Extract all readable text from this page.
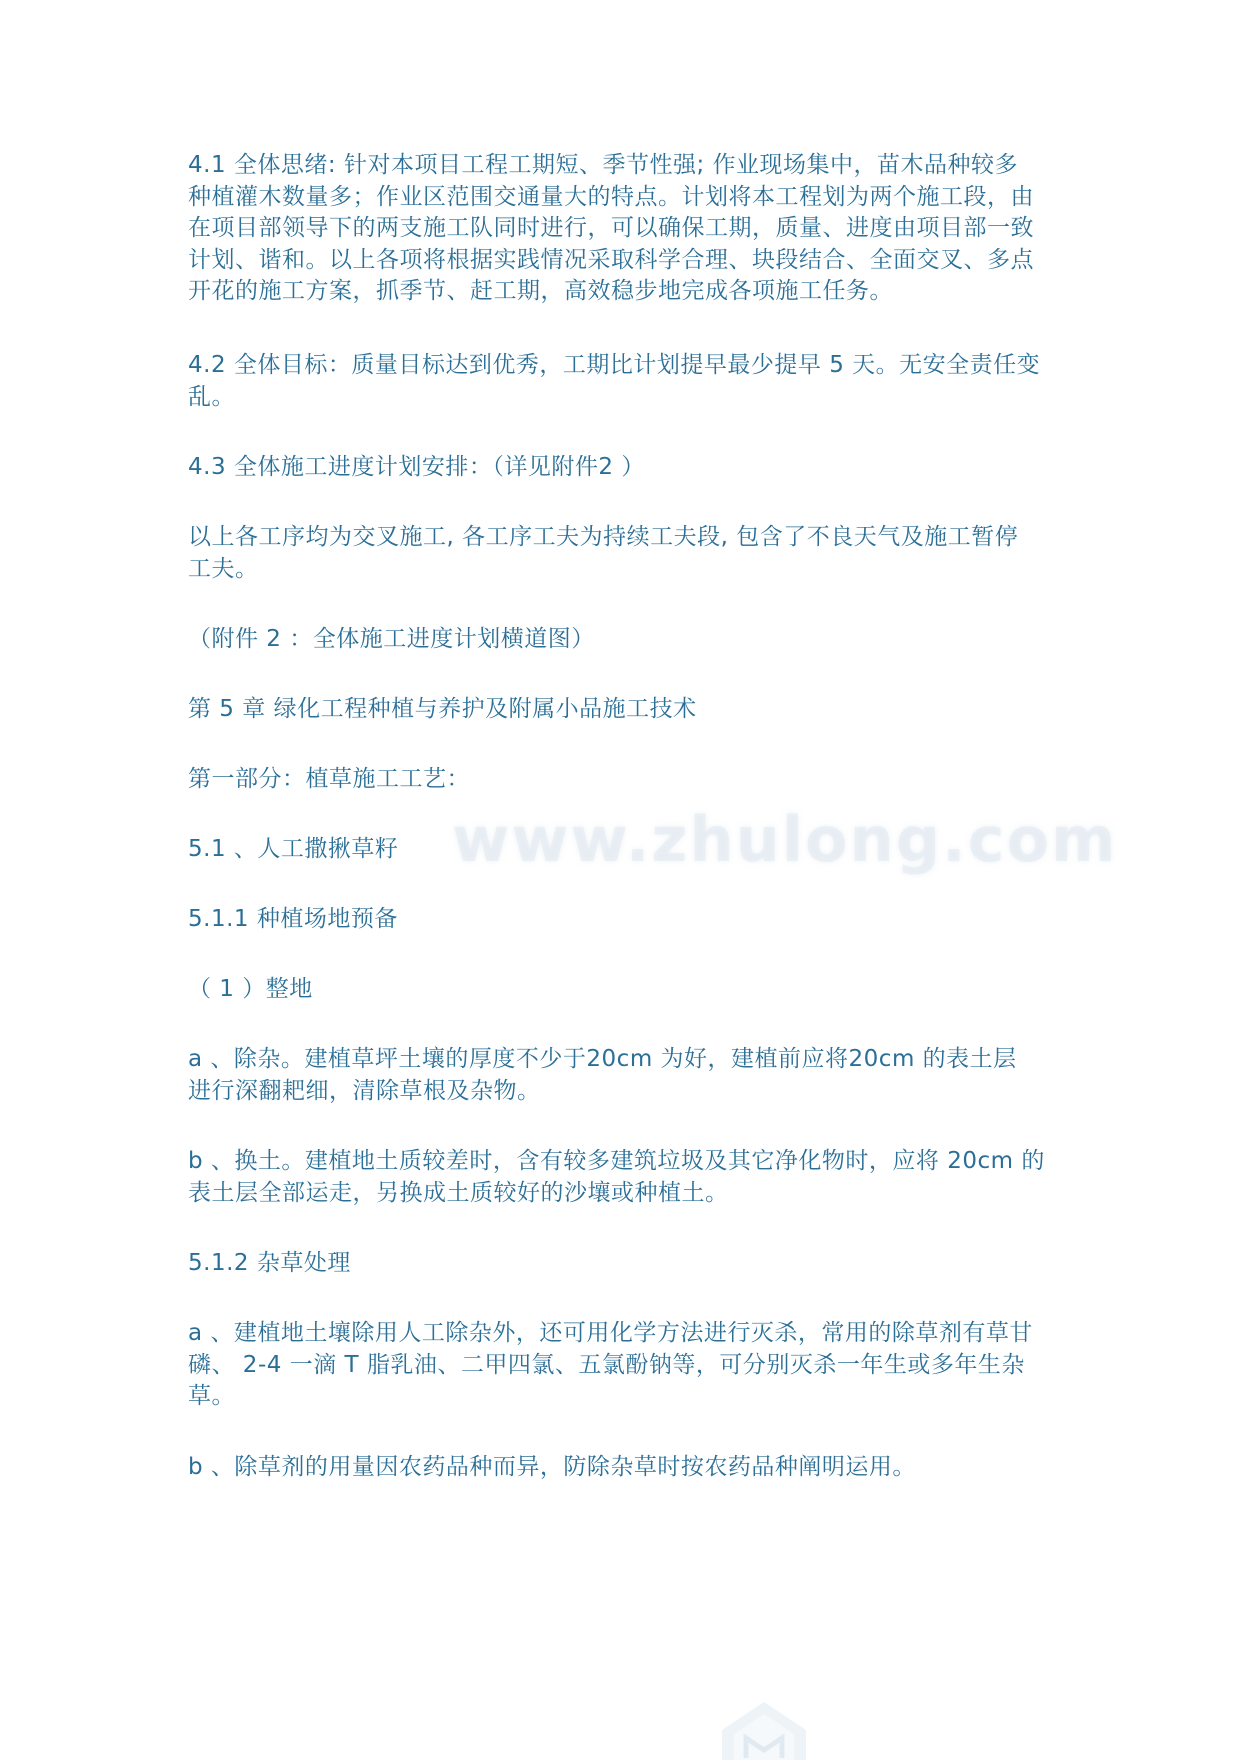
4.1 全体思绪: 针对本项目工程工期短、季节性强; 作业现场集中，苗木品种较多
种植灌木数量多；作业区范围交通量大的特点。计划将本工程划为两个施工段，由
在项目部领导下的两支施工队同时进行，可以确保工期，质量、进度由项目部一致
计划、谐和。以上各项将根据实践情况采取科学合理、块段结合、全面交叉、多点
开花的施工方案，抓季节、赶工期，高效稳步地完成各项施工任务。

4.2 全体目标：质量目标达到优秀，工期比计划提早最少提早 5 天。无安全责任变
乱。

4.3 全体施工进度计划安排：（详见附件2 ）

以上各工序均为交叉施工, 各工序工夫为持续工夫段, 包含了不良天气及施工暂停
工夫。

（附件 2 ：全体施工进度计划横道图）

第 5 章 绿化工程种植与养护及附属小品施工技术

第一部分：植草施工工艺：

5.1 、人工撒揪草籽

5.1.1 种植场地预备

（ 1 ）整地

a 、除杂。建植草坪土壤的厚度不少于20cm 为好，建植前应将20cm 的表土层
进行深翻耙细，清除草根及杂物。

b 、换土。建植地土质较差时，含有较多建筑垃圾及其它净化物时，应将 20cm 的
表土层全部运走，另换成土质较好的沙壤或种植土。

5.1.2 杂草处理

a 、建植地土壤除用人工除杂外，还可用化学方法进行灭杀，常用的除草剂有草甘
磷、 2-4 一滴 T 脂乳油、二甲四氯、五氯酚钠等，可分别灭杀一年生或多年生杂
草。

b 、除草剂的用量因农药品种而异，防除杂草时按农药品种阐明运用。

www.zhulong.com
